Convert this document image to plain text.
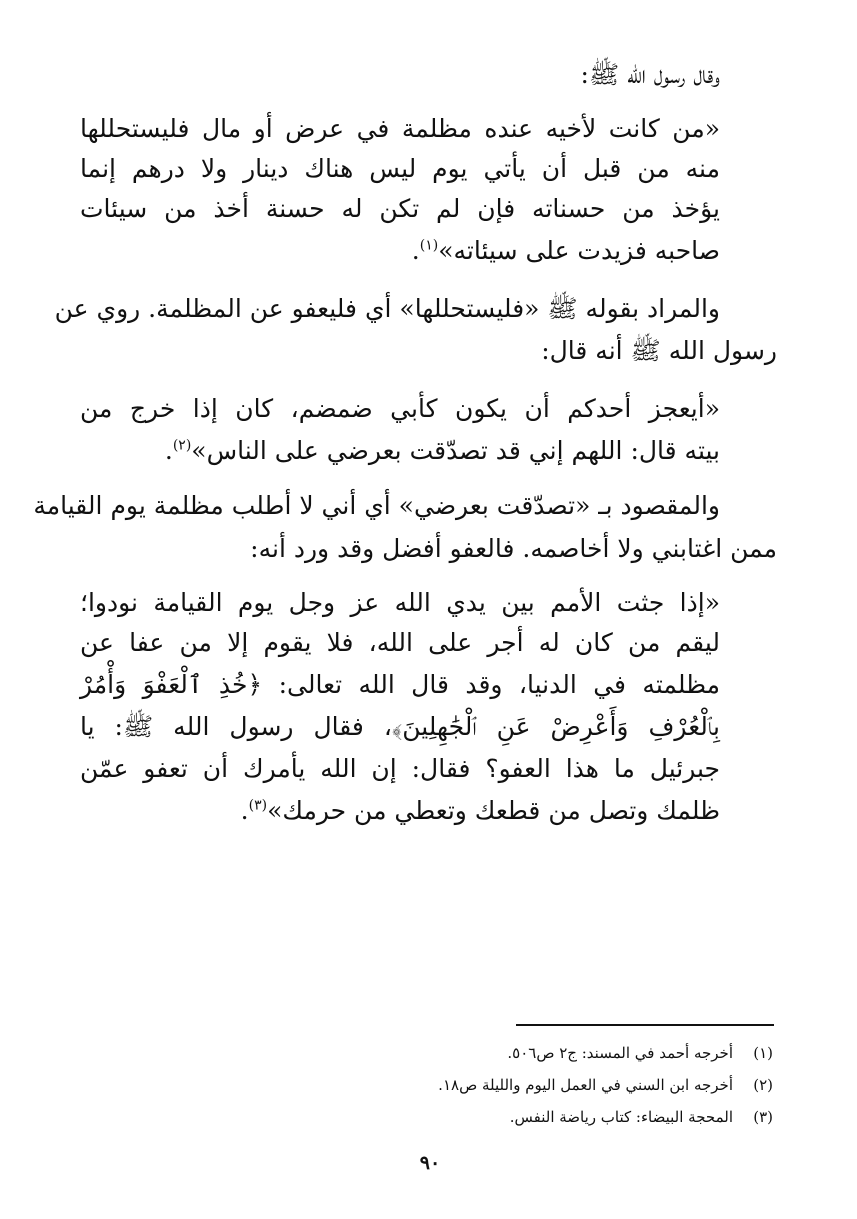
وقال رسول الله ﷺ:
«من كانت لأخيه عنده مظلمة في عرض أو مال فليستحللها
منه من قبل أن يأتي يوم ليس هناك دينار ولا درهم إنما
يؤخذ من حسناته فإن لم تكن له حسنة أخذ من سيئات
صاحبه فزيدت على سيئاته»$^{(١)}$.
والمراد بقوله ﷺ «فليستحللها» أي فليعفو عن المظلمة. روي عن
رسول الله ﷺ أنه قال:
«أيعجز أحدكم أن يكون كأبي ضمضم، كان إذا خرج من
بيته قال: اللهم إني قد تصدّقت بعرضي على الناس»$^{(٢)}$.
والمقصود بـ «تصدّقت بعرضي» أي أني لا أطلب مظلمة يوم القيامة
ممن اغتابني ولا أخاصمه. فالعفو أفضل وقد ورد أنه:
«إذا جثت الأمم بين يدي الله عز وجل يوم القيامة نودوا؛
ليقم من كان له أجر على الله، فلا يقوم إلا من عفا عن
مظلمته في الدنيا، وقد قال الله تعالى: ﴿خُذِ ٱلْعَفْوَ وَأْمُرْ
بِٱلْعُرْفِ وَأَعْرِضْ عَنِ ٱلْجَٰهِلِينَ﴾، فقال رسول الله ﷺ: يا
جبرئيل ما هذا العفو؟ فقال: إن الله يأمرك أن تعفو عمّن
ظلمك وتصل من قطعك وتعطي من حرمك»$^{(٣)}$.
(١)أخرجه أحمد في المسند: ج٢ ص٥٠٦.
(٢)أخرجه ابن السني في العمل اليوم والليلة ص١٨.
(٣)المحجة البيضاء: كتاب رياضة النفس.
٩٠
